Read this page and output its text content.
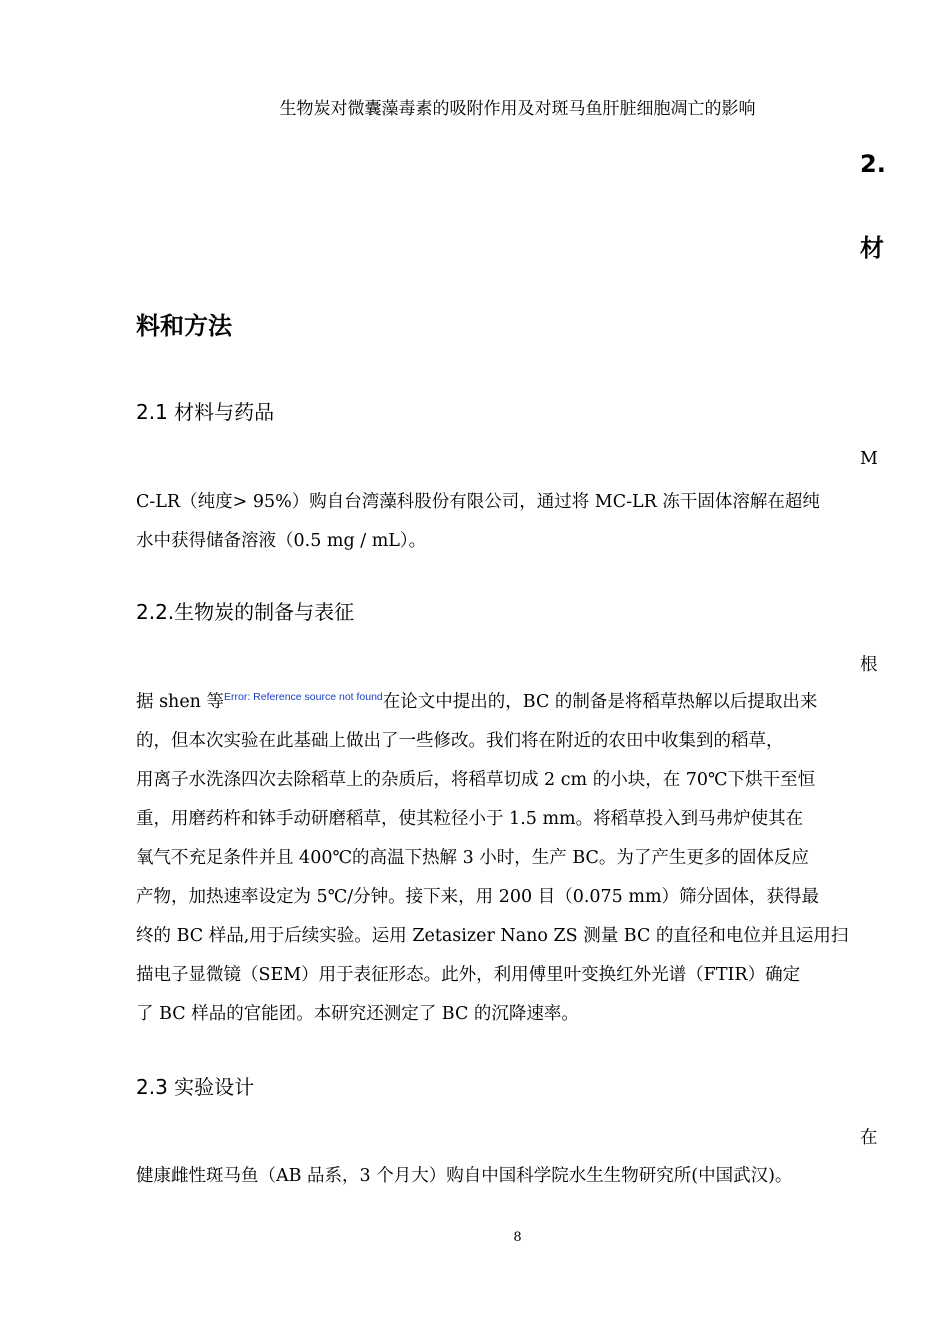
生物炭对微囊藻毒素的吸附作用及对斑马鱼肝脏细胞凋亡的影响
2.
材
料和方法
2.1 材料与药品
M
C-LR（纯度> 95%）购自台湾藻科股份有限公司，通过将 MC-LR 冻干固体溶解在超纯
水中获得储备溶液（0.5 mg / mL）。
2.2.生物炭的制备与表征
根
据 shen 等$^{Error: Reference source not found}$在论文中提出的，BC 的制备是将稻草热解以后提取出来
的，但本次实验在此基础上做出了一些修改。我们将在附近的农田中收集到的稻草，
用离子水洗涤四次去除稻草上的杂质后，将稻草切成 2 cm 的小块，在 70℃下烘干至恒
重，用磨药杵和钵手动研磨稻草，使其粒径小于 1.5 mm。将稻草投入到马弗炉使其在
氧气不充足条件并且 400℃的高温下热解 3 小时，生产 BC。为了产生更多的固体反应
产物，加热速率设定为 5℃/分钟。接下来，用 200 目（0.075 mm）筛分固体，获得最
终的 BC 样品,用于后续实验。运用 Zetasizer Nano ZS 测量 BC 的直径和电位并且运用扫
描电子显微镜（SEM）用于表征形态。此外，利用傅里叶变换红外光谱（FTIR）确定
了 BC 样品的官能团。本研究还测定了 BC 的沉降速率。
2.3 实验设计
在
健康雌性斑马鱼（AB 品系，3 个月大）购自中国科学院水生生物研究所(中国武汉)。
8
